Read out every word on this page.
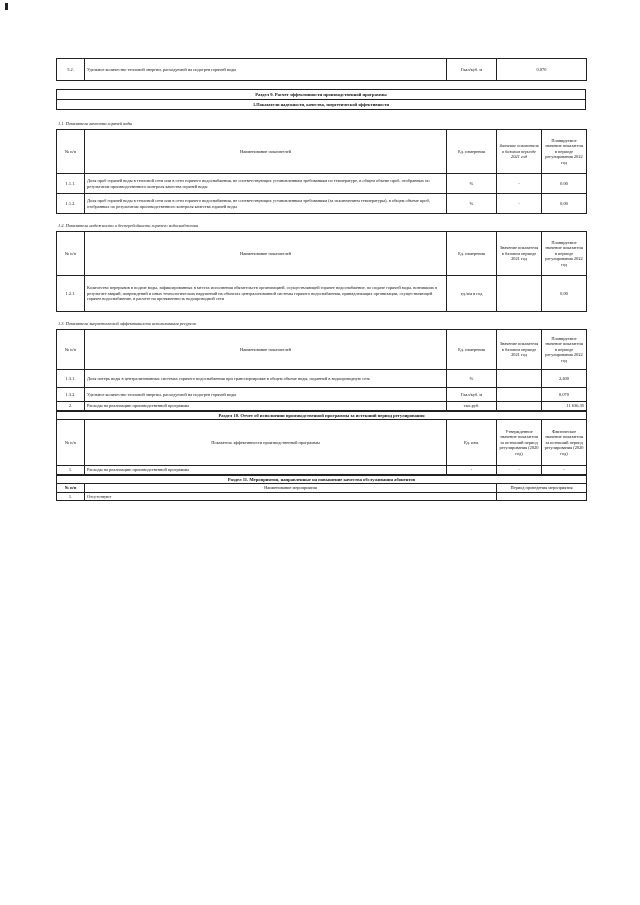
5.2.	Удельное количество тепловой энергии, расходуемой на подогрев горячей воды	Гкал/куб. м	0,070
Раздел 9. Расчет эффективности производственной программы
1.Показатели надежности, качества, энергетической эффективности
1.1. Показатели качества горячей воды
№ п/п	Наименование показателей	Ед. измерения	Значение показателя в базовом периоде 2021 год	Планируемое значение показателя в периоде регулирования 2022 год
1.1.1.	Доля проб горячей воды в тепловой сети или в сети горячего водоснабжения, не соответствующих установленным требованиям по температуре, в общем объеме проб, отобранных по результатам производственного контроля качества горячей воды	%	-	0,00
1.1.2.	Доля проб горячей воды в тепловой сети или в сети горячего водоснабжения, не соответствующих установленным требованиям (за исключением температуры), в общем объеме проб, отобранных по результатам производственного контроля качества горячей воды	%	-	0,00
1.2. Показатели надежности и бесперебойности горячего водоснабжения
№ п/п	Наименование показателей	Ед. измерения	Значение показателя в базовом периоде 2021 год	Планируемое значение показателя в периоде регулирования 2022 год
1.2.1.	Количество перерывов в подаче воды, зафиксированных в местах исполнения обязательств организацией, осуществляющей горячее водоснабжение, по подаче горячей воды, возникших в результате аварий, повреждений и иных технологических нарушений на объектах централизованной системы горячего водоснабжения, принадлежащих организации, осуществляющей горячее водоснабжение, в расчете на протяженность водопроводной сети	ед./км в год		0,00
1.3. Показатели энергетической эффективности использования ресурсов
№ п/п	Наименование показателей	Ед. измерения	Значение показателя в базовом периоде 2021 год	Планируемое значение показателя в периоде регулирования 2022 год
1.3.1.	Доля потерь воды в централизованных системах горячего водоснабжения при транспортировке в общем объеме воды, поданной в водопроводную сеть	%		2,400
1.3.2.	Удельное количество тепловой энергии, расходуемой на подогрев горячей воды	Гкал/куб. м		0,070
2.	Расходы на реализацию производственной программы	тыс.руб.		11 636,35
Раздел 10. Отчет об исполнении производственной программы за истекший период регулирования				
№ п/п	Показатель эффективности производственной программы	Ед. изм.	Утвержденное значение показателя за истекший период регулирования (2020 год)	Фактическое значение показателя за истекший период регулирования (2020 год)
1.	Расходы на реализацию производственной программы	-	-	-
Раздел 11. Мероприятия, направленные на повышение качества обслуживания абонентов		
№ п/п	Наименование мероприятия	Период проведения мероприятия
1.	Отсутствуют	
